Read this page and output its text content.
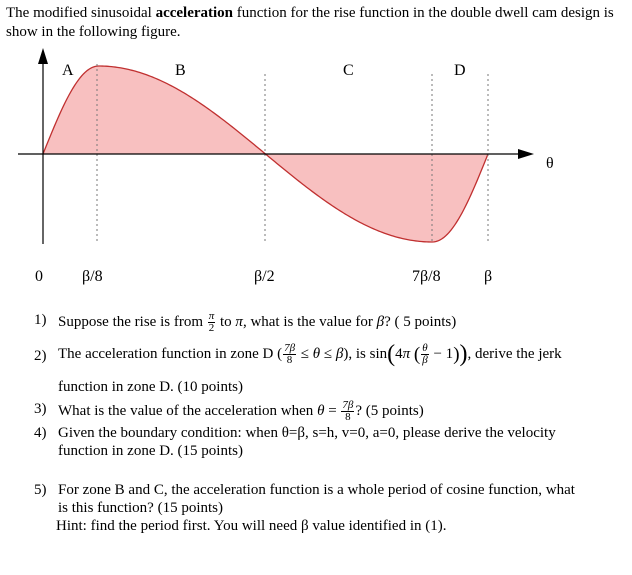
The modified sinusoidal acceleration function for the rise function in the double dwell cam design is show in the following figure.
A	B	C	D
θ
0 β/8	β/2	7β/8	β
1) Suppose the rise is from $\frac{\pi}{2}$ to π, what is the value for β? ( 5 points)
2) The acceleration function in zone D ( $\frac{7\beta}{8} \le \theta \le \beta$), is sin(4π ( $\frac{\theta}{\beta} - 1$)), derive the jerk
function in zone D. (10 points)
3) What is the value of the acceleration when $\theta = \frac{7\beta}{8}$ ? (5 points)
4) Given the boundary condition: when θ=β, s=h, v=0, a=0, please derive the velocity
function in zone D. (15 points)
5) For zone B and C, the acceleration function is a whole period of cosine function, what
is this function? (15 points)
Hint: find the period first. You will need β value identified in (1).
